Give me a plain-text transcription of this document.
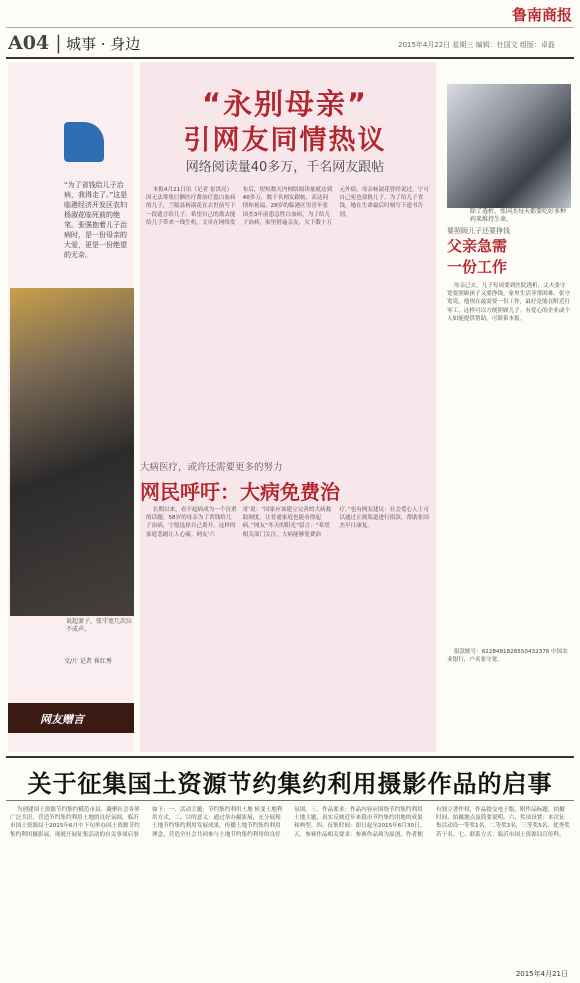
鲁南商报
A04 | 城事 · 身边	2015年4月22日 星期三 编辑：杜国文 组版：卓磊
“为了省钱给儿子治病，我得走了。”这是临港经济开发区农妇杨淑花临死前的绝笔。张强抱着儿子治病时，是一份母亲的大爱，更是一份绝望的无奈。
说起妻子，张守宽几次泣不成声。
文/片 记者 崔红秀
网友赠言
“永别母亲”
引网友同情热议
网络阅读量40多万，千名网友跟帖

本报4月21日讯（记者 崔洪亮）因无法筹集巨额医疗费治疗患白血病的儿子，兰陵县杨淑花在去世前写下一段遗言给儿子，希望自己的离去能给儿子带来一线生机。文章在网络发布后，短短数天内网络阅读量就达到40多万，数千名网友跟帖，表达同情和祝福。28岁的临港区男青年张国杰3年前患急性白血病，为了给儿子治病，家里借遍亲友，欠下数十万元外债。母亲杨淑花曾经说过，宁可自己死也要救儿子，为了给儿子省钱，她在生命最后时刻写下遗书告别。

大病医疗，或许还需要更多的努力
网民呼吁：大病免费治

长期以来，看不起病成为一个沉重的话题。58岁的母亲为了省钱给儿子治病，宁愿选择自己离开，这样的家庭悲剧让人心痛。网友‘六哥’说：“国家应该建立完善的大病救助制度，让普通家庭也能看得起病。”网友“冬天的阳光”留言：“希望相关部门关注，大病能够免费治疗。”也有网友建议：社会爱心人士可以通过正规渠道进行捐款，帮助张国杰早日康复。

除了透析，张国杰每天都要吃好多种药来维持生命。
要照顾儿子还要挣钱
父亲急需
一份工作

母亲已去，儿子每周要到医院透析，丈夫张守宽要照顾孩子又要挣钱，家里生活非常困难。张守宽说，他现在最需要一份工作，最好是能在附近打零工，这样可以方便照顾儿子。有爱心的企业或个人如能提供帮助，可联系本报。

捐款账号：6228481826550432376 中国农业银行，户名张守宽。

关于征集国土资源节约集约利用摄影作品的启事

为创建国土资源节约集约模范市县，凝聚社会各界广泛共识，营造节约集约利用土地的良好氛围，临沂市国土资源局于2015年6月中下旬举办国土资源节约集约利用摄影展。现就开展征集活动的有关事项启事如下：一、活动主题：节约集约利用土地 转变土地利用方式。二、目的意义：通过举办摄影展，充分展现土地节约集约利用发展成果，传播土地节约集约利用理念，营造全社会共同参与土地节约集约利用的良好氛围。三、作品要求：作品内容应围绕节约集约利用土地主题，真实反映近年来我市节约集约用地的成果和典型。四、征集时间：即日起至2015年6月30日。五、参赛作品相关要求：参赛作品须为原创，作者拥有独立著作权，作品提交电子版，附作品标题、拍摄时间、拍摄地点及简要说明。六、奖项设置：本次征集活动设一等奖1名，二等奖3名，三等奖5名，优秀奖若干名。七、联系方式：临沂市国土资源局宣传科。

2015年4月21日
